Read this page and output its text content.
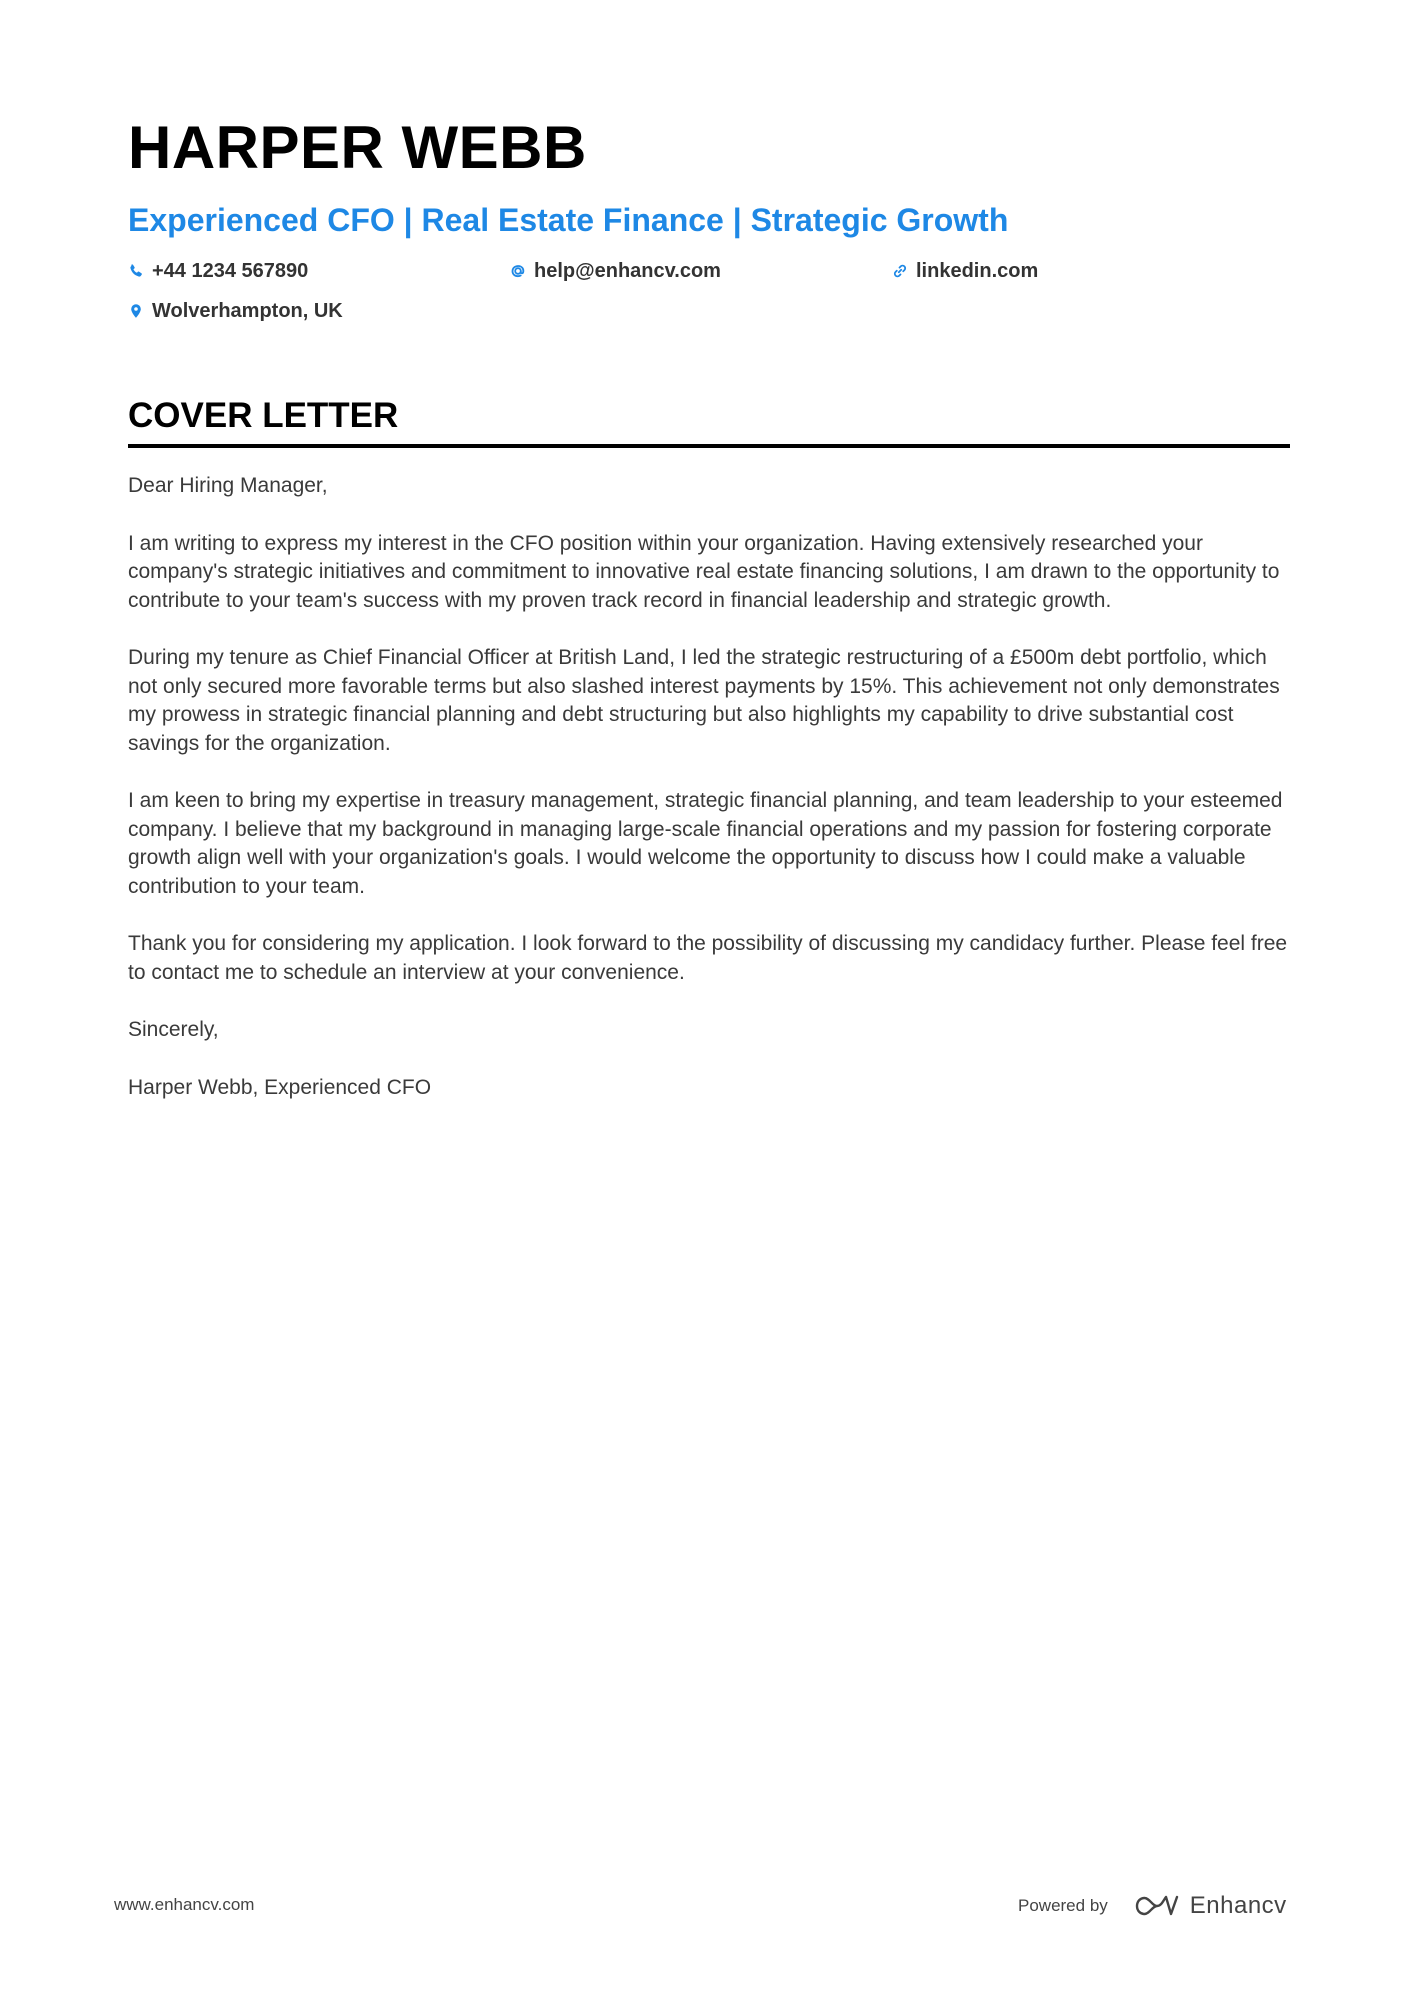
HARPER WEBB
Experienced CFO | Real Estate Finance | Strategic Growth
+44 1234 567890	help@enhancv.com	linkedin.com
Wolverhampton, UK
COVER LETTER

Dear Hiring Manager,

I am writing to express my interest in the CFO position within your organization. Having extensively researched your company's strategic initiatives and commitment to innovative real estate financing solutions, I am drawn to the opportunity to contribute to your team's success with my proven track record in financial leadership and strategic growth.

During my tenure as Chief Financial Officer at British Land, I led the strategic restructuring of a £500m debt portfolio, which not only secured more favorable terms but also slashed interest payments by 15%. This achievement not only demonstrates my prowess in strategic financial planning and debt structuring but also highlights my capability to drive substantial cost savings for the organization.

I am keen to bring my expertise in treasury management, strategic financial planning, and team leadership to your esteemed company. I believe that my background in managing large-scale financial operations and my passion for fostering corporate growth align well with your organization's goals. I would welcome the opportunity to discuss how I could make a valuable contribution to your team.

Thank you for considering my application. I look forward to the possibility of discussing my candidacy further. Please feel free to contact me to schedule an interview at your convenience.

Sincerely,

Harper Webb, Experienced CFO

www.enhancv.com	Powered by	Enhancv
